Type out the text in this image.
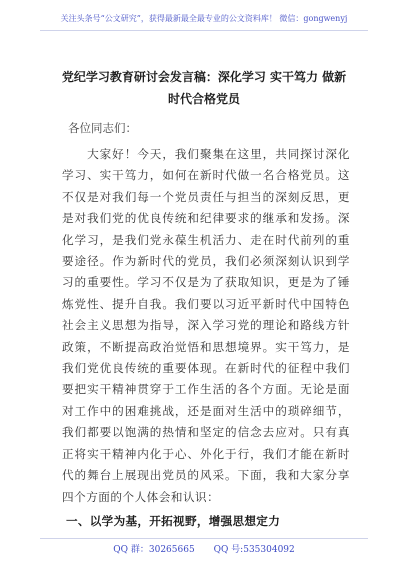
关注头条号“公文研究”，获得最新最全最专业的公文资料库！ 微信：gongwenyj
党纪学习教育研讨会发言稿：深化学习 实干笃力 做新时代合格党员
各位同志们：
　　大家好！今天，我们聚集在这里，共同探讨深化学习、实干笃力，如何在新时代做一名合格党员。这不仅是对我们每一个党员责任与担当的深刻反思，更是对我们党的优良传统和纪律要求的继承和发扬。深化学习，是我们党永葆生机活力、走在时代前列的重要途径。作为新时代的党员，我们必须深刻认识到学习的重要性。学习不仅是为了获取知识，更是为了锤炼党性、提升自我。我们要以习近平新时代中国特色社会主义思想为指导，深入学习党的理论和路线方针政策，不断提高政治觉悟和思想境界。实干笃力，是我们党优良传统的重要体现。在新时代的征程中我们要把实干精神贯穿于工作生活的各个方面。无论是面对工作中的困难挑战，还是面对生活中的琐碎细节，我们都要以饱满的热情和坚定的信念去应对。只有真正将实干精神内化于心、外化于行，我们才能在新时代的舞台上展现出党员的风采。下面，我和大家分享四个方面的个人体会和认识：
一、以学为基，开拓视野，增强思想定力
QQ 群：30265665 QQ 号:535304092
